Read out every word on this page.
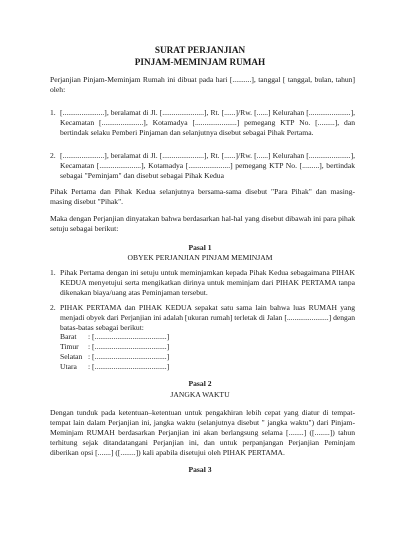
SURAT PERJANJIAN
PINJAM-MEMINJAM RUMAH
Perjanjian Pinjam-Meminjam Rumah ini dibuat pada hari [..........], tanggal [ tanggal, bulan, tahun] oleh:
1. [......................], beralamat di Jl. [......................], Rt. [......]/Rw. [......] Kelurahan [......................], Kecamatan [......................], Kotamadya [......................] pemegang KTP No. [.........], dan bertindak selaku Pemberi Pinjaman dan selanjutnya disebut sebagai Pihak Pertama.
2. [......................], beralamat di Jl. [......................], Rt. [......]/Rw. [......] Kelurahan [......................], Kecamatan [......................], Kotamadya [......................] pemegang KTP No. [.........], bertindak sebagai "Peminjam" dan disebut sebagai Pihak Kedua
Pihak Pertama dan Pihak Kedua selanjutnya bersama-sama disebut "Para Pihak" dan masing-masing disebut "Pihak".
Maka dengan Perjanjian dinyatakan bahwa berdasarkan hal-hal yang disebut dibawah ini para pihak setuju sebagai berikut:
Pasal 1
OBYEK PERJANJIAN PINJAM MEMINJAM
1. Pihak Pertama dengan ini setuju untuk meminjamkan kepada Pihak Kedua sebagaimana PIHAK KEDUA menyetujui serta mengikatkan dirinya untuk meminjam dari PIHAK PERTAMA tanpa dikenakan biaya/uang atas Peminjaman tersebut.
2. PIHAK PERTAMA dan PIHAK KEDUA sepakat satu sama lain bahwa luas RUMAH yang menjadi obyek dari Perjanjian ini adalah [ukuran rumah] terletak di Jalan [......................] dengan batas-batas sebagai berikut:
Barat : [......................................]
Timur : [......................................]
Selatan : [......................................]
Utara : [......................................]
Pasal 2
JANGKA WAKTU
Dengan tunduk pada ketentuan–ketentuan untuk pengakhiran lebih cepat yang diatur di tempat-tempat lain dalam Perjanjian ini, jangka waktu (selanjutnya disebut " jangka waktu") dari Pinjam-Meminjam RUMAH berdasarkan Perjanjian ini akan berlangsung selama [........] ([........]) tahun terhitung sejak ditandatangani Perjanjian ini, dan untuk perpanjangan Perjanjian Peminjam diberikan opsi [.......] ([........]) kali apabila disetujui oleh PIHAK PERTAMA.
Pasal 3
